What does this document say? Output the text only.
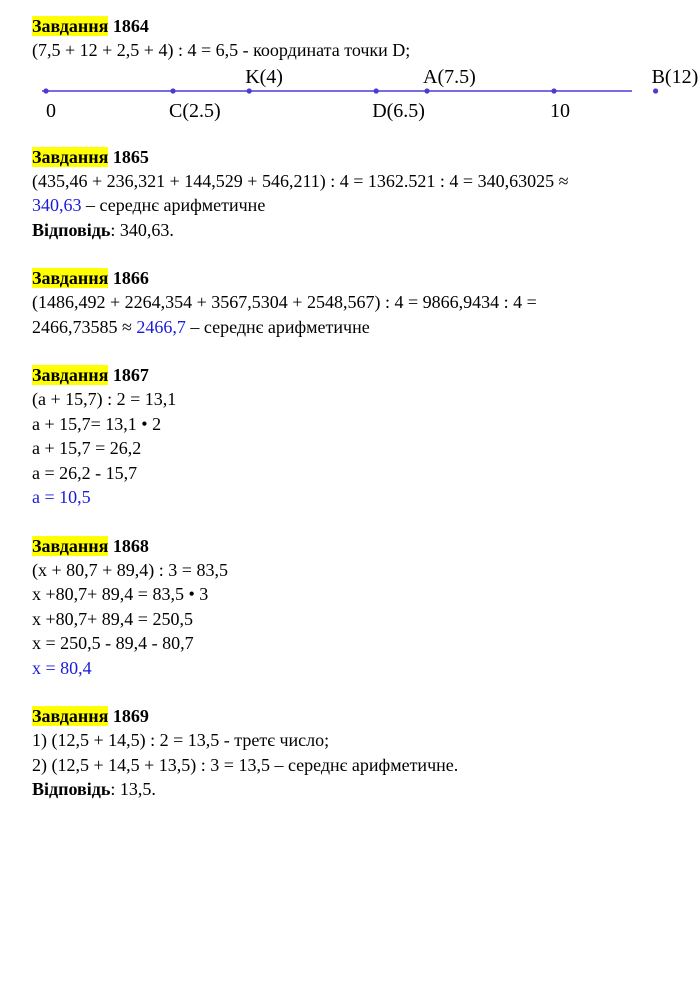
Завдання 1864
(7,5 + 12 + 2,5 + 4) : 4 = 6,5 - координата точки D;
0	C(2.5)
K(4)
D(6.5)
A(7.5)
10
B(12)
Завдання 1865
(435,46 + 236,321 + 144,529 + 546,211) : 4 = 1362.521 : 4 = 340,63025 ≈
340,63 – середнє арифметичне
Відповідь: 340,63.
Завдання 1866
(1486,492 + 2264,354 + 3567,5304 + 2548,567) : 4 = 9866,9434 : 4 =
2466,73585 ≈ 2466,7 – середнє арифметичне
Завдання 1867
(а + 15,7) : 2 = 13,1
а + 15,7= 13,1 • 2
а + 15,7 = 26,2
а = 26,2 - 15,7
а = 10,5
Завдання 1868
(х + 80,7 + 89,4) : 3 = 83,5
х +80,7+ 89,4 = 83,5 • 3
х +80,7+ 89,4 = 250,5
х = 250,5 - 89,4 - 80,7
х = 80,4
Завдання 1869
1) (12,5 + 14,5) : 2 = 13,5 - третє число;
2) (12,5 + 14,5 + 13,5) : 3 = 13,5 – середнє арифметичне.
Відповідь: 13,5.
